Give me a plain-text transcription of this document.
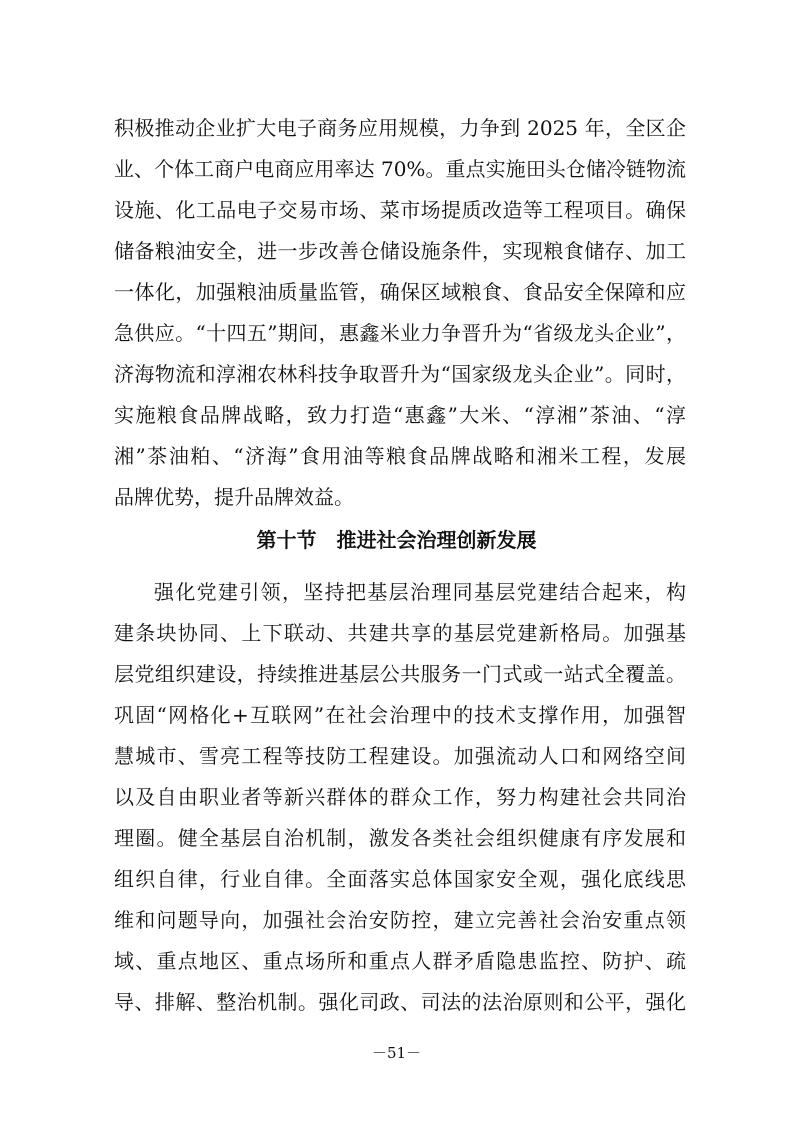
积极推动企业扩大电子商务应用规模，力争到 2025 年，全区企
业、个体工商户电商应用率达 70%。重点实施田头仓储冷链物流
设施、化工品电子交易市场、菜市场提质改造等工程项目。确保
储备粮油安全，进一步改善仓储设施条件，实现粮食储存、加工
一体化，加强粮油质量监管，确保区域粮食、食品安全保障和应
急供应。“十四五”期间，惠鑫米业力争晋升为“省级龙头企业”，
济海物流和淳湘农林科技争取晋升为“国家级龙头企业”。同时，
实施粮食品牌战略，致力打造“惠鑫”大米、“淳湘”茶油、“淳
湘”茶油粕、“济海”食用油等粮食品牌战略和湘米工程，发展
品牌优势，提升品牌效益。
第十节　推进社会治理创新发展
强化党建引领，坚持把基层治理同基层党建结合起来，构
建条块协同、上下联动、共建共享的基层党建新格局。加强基
层党组织建设，持续推进基层公共服务一门式或一站式全覆盖。
巩固“网格化+互联网”在社会治理中的技术支撑作用，加强智
慧城市、雪亮工程等技防工程建设。加强流动人口和网络空间
以及自由职业者等新兴群体的群众工作，努力构建社会共同治
理圈。健全基层自治机制，激发各类社会组织健康有序发展和
组织自律，行业自律。全面落实总体国家安全观，强化底线思
维和问题导向，加强社会治安防控，建立完善社会治安重点领
域、重点地区、重点场所和重点人群矛盾隐患监控、防护、疏
导、排解、整治机制。强化司政、司法的法治原则和公平，强化
－51－
